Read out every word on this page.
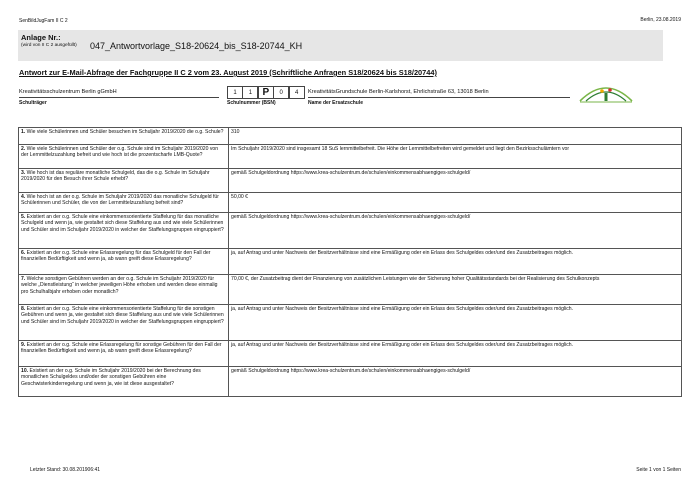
SenBildJugFam II C 2	Berlin, 23.08.2019
Anlage Nr.:
(wird von II C 2 ausgefüllt) 047_Antwortvorlage_S18-20624_bis_S18-20744_KH
Antwort zur E-Mail-Abfrage der Fachgruppe II C 2 vom 23. August 2019 (Schriftliche Anfragen S18/20624 bis S18/20744)
Kreativitätsschulzentrum Berlin gGmbH
Schulträger
1	1	P	0	4
Schulnummer (BSN)
KreativitätsGrundschule Berlin-Karlshorst, Ehrlichstraße 63, 13018 Berlin
Name der Ersatzschule
1. Wie viele Schülerinnen und Schüler besuchen im Schuljahr 2019/2020 die o.g. Schule?	310
2. Wie viele Schülerinnen und Schüler der o.g. Schule sind im Schuljahr 2019/2020 von der Lernmittelzuzahlung befreit und wie hoch ist die prozentscharfe LMB-Quote?	Im Schuljahr 2019/2020 sind insgesamt 18 SuS lernmittelbefreit. Die Höhe der Lernmittelbefreiten wird gemeldet und liegt den Bezirksschulämtern vor
3. Wie hoch ist das reguläre monatliche Schulgeld, das die o.g. Schule im Schuljahr 2019/2020 für den Besuch ihrer Schule erhebt?	gemäß Schulgeldordnung https://www.krea-schulzentrum.de/schulen/einkommensabhaengiges-schulgeld/
4. Wie hoch ist an der o.g. Schule im Schuljahr 2019/2020 das monatliche Schulgeld für Schülerinnen und Schüler, die von der Lernmittelzuzahlung befreit sind?	50,00 €
5. Existiert an der o.g. Schule eine einkommensorientierte Staffelung für das monatliche Schulgeld und wenn ja, wie gestaltet sich diese Staffelung aus und wie viele Schülerinnen und Schüler sind im Schuljahr 2019/2020 in welcher der Staffelungsgruppen eingruppiert?	gemäß Schulgeldordnung https://www.krea-schulzentrum.de/schulen/einkommensabhaengiges-schulgeld/
6. Existiert an der o.g. Schule eine Erlassregelung für das Schulgeld für den Fall der finanziellen Bedürftigkeit und wenn ja, ab wann greift diese Erlassregelung?	ja, auf Antrag und unter Nachweis der Besitzverhältnisse sind eine Ermäßigung oder ein Erlass des Schulgeldes oder/und des Zusatzbeitrages möglich.
7. Welche sonstigen Gebühren werden an der o.g. Schule im Schuljahr 2019/2020 für welche „Dienstleistung“ in welcher jeweiligen Höhe erhoben und werden diese einmalig pro Schulhalbjahr erhoben oder monatlich?	70,00 €, der Zusatzbeitrag dient der Finanzierung von zusätzlichen Leistungen wie der Sicherung hoher Qualitätsstandards bei der Realisierung des Schulkonzepts
8. Existiert an der o.g. Schule eine einkommensorientierte Staffelung für die sonstigen Gebühren und wenn ja, wie gestaltet sich diese Staffelung aus und wie viele Schülerinnen und Schüler sind im Schuljahr 2019/2020 in welcher der Staffelungsgruppen eingruppiert?	ja, auf Antrag und unter Nachweis der Besitzverhältnisse sind eine Ermäßigung oder ein Erlass des Schulgeldes oder/und des Zusatzbeitrages möglich.
9. Existiert an der o.g. Schule eine Erlassregelung für sonstige Gebühren für den Fall der finanziellen Bedürftigkeit und wenn ja, ab wann greift diese Erlassregelung?	ja, auf Antrag und unter Nachweis der Besitzverhältnisse sind eine Ermäßigung oder ein Erlass des Schulgeldes oder/und des Zusatzbeitrages möglich.
10. Existiert an der o.g. Schule im Schuljahr 2019/2020 bei der Berechnung des monatlichen Schulgeldes und/oder der sonstigen Gebühren eine Geschwisterkinderregelung und wenn ja, wie ist diese ausgestaltet?	gemäß Schulgeldordnung https://www.krea-schulzentrum.de/schulen/einkommensabhaengiges-schulgeld/
Letzter Stand: 30.08.201906:41	Seite 1 von 1 Seiten
